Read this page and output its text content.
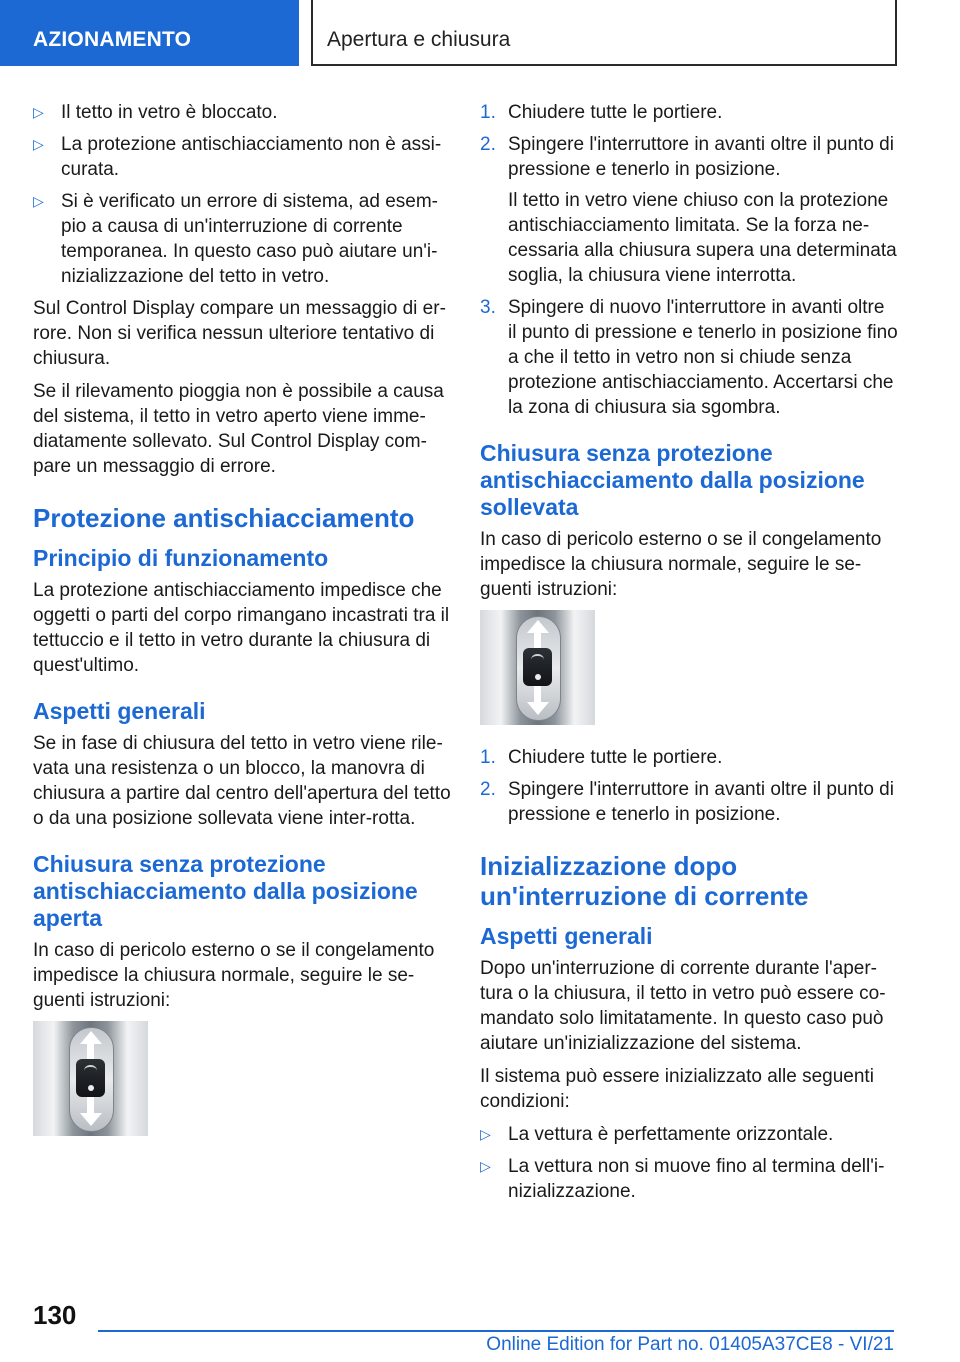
AZIONAMENTO	Apertura e chiusura
▷ Il tetto in vetro è bloccato.
▷ La protezione antischiacciamento non è assi-curata.
▷ Si è verificato un errore di sistema, ad esem-pio a causa di un'interruzione di corrente temporanea. In questo caso può aiutare un'i-nizializzazione del tetto in vetro.

Sul Control Display compare un messaggio di er-rore. Non si verifica nessun ulteriore tentativo di chiusura.

Se il rilevamento pioggia non è possibile a causa del sistema, il tetto in vetro aperto viene imme-diatamente sollevato. Sul Control Display com-pare un messaggio di errore.

Protezione antischiacciamento
Principio di funzionamento

La protezione antischiacciamento impedisce che oggetti o parti del corpo rimangano incastrati tra il tettuccio e il tetto in vetro durante la chiusura di quest'ultimo.

Aspetti generali

Se in fase di chiusura del tetto in vetro viene rile-vata una resistenza o un blocco, la manovra di chiusura a partire dal centro dell'apertura del tetto o da una posizione sollevata viene inter-rotta.

Chiusura senza protezione antischiacciamento dalla posizione aperta

In caso di pericolo esterno o se il congelamento impedisce la chiusura normale, seguire le se-guenti istruzioni:

1. Chiudere tutte le portiere.
2. Spingere l'interruttore in avanti oltre il punto di pressione e tenerlo in posizione.
Il tetto in vetro viene chiuso con la protezione antischiacciamento limitata. Se la forza ne-cessaria alla chiusura supera una determinata soglia, la chiusura viene interrotta.
3. Spingere di nuovo l'interruttore in avanti oltre il punto di pressione e tenerlo in posizione fino a che il tetto in vetro non si chiude senza protezione antischiacciamento. Accertarsi che la zona di chiusura sia sgombra.
Chiusura senza protezione antischiacciamento dalla posizione sollevata

In caso di pericolo esterno o se il congelamento impedisce la chiusura normale, seguire le se-guenti istruzioni:

1. Chiudere tutte le portiere.
2. Spingere l'interruttore in avanti oltre il punto di pressione e tenerlo in posizione.
Inizializzazione dopo un'interruzione di corrente
Aspetti generali

Dopo un'interruzione di corrente durante l'aper-tura o la chiusura, il tetto in vetro può essere co-mandato solo limitatamente. In questo caso può aiutare un'inizializzazione del sistema.

Il sistema può essere inizializzato alle seguenti condizioni:

▷ La vettura è perfettamente orizzontale.
▷ La vettura non si muove fino al termina dell'i-nizializzazione.
130
Online Edition for Part no. 01405A37CE8 - VI/21
